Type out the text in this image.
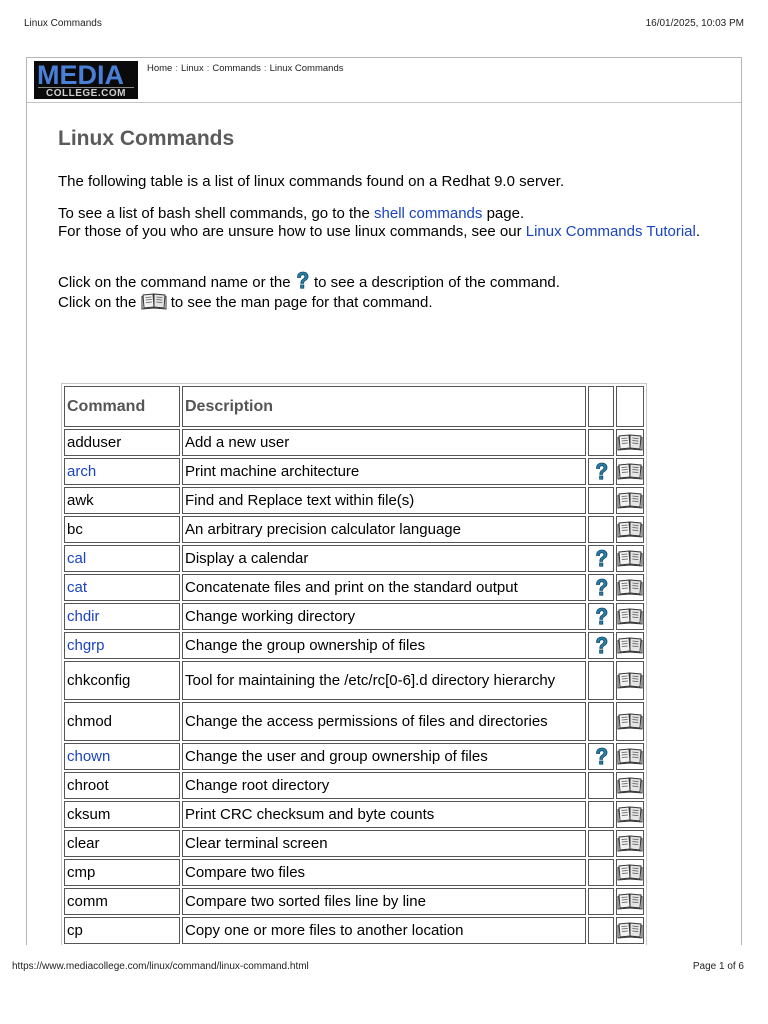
Linux Commands	16/01/2025, 10:03 PM
MEDIA
COLLEGE.COM
Home : Linux : Commands : Linux Commands
Linux Commands
The following table is a list of linux commands found on a Redhat 9.0 server.
To see a list of bash shell commands, go to the shell commands page.
For those of you who are unsure how to use linux commands, see our Linux Commands Tutorial.
Click on the command name or the  to see a description of the command.
Click on the  to see the man page for that command.
Command	Description		
adduser	Add a new user		
arch	Print machine architecture		
awk	Find and Replace text within file(s)		
bc	An arbitrary precision calculator language		
cal	Display a calendar		
cat	Concatenate files and print on the standard output		
chdir	Change working directory		
chgrp	Change the group ownership of files		
chkconfig	Tool for maintaining the /etc/rc[0-6].d directory hierarchy		
chmod	Change the access permissions of files and directories		
chown	Change the user and group ownership of files		
chroot	Change root directory		
cksum	Print CRC checksum and byte counts		
clear	Clear terminal screen		
cmp	Compare two files		
comm	Compare two sorted files line by line		
cp	Copy one or more files to another location		

https://www.mediacollege.com/linux/command/linux-command.html	Page 1 of 6
